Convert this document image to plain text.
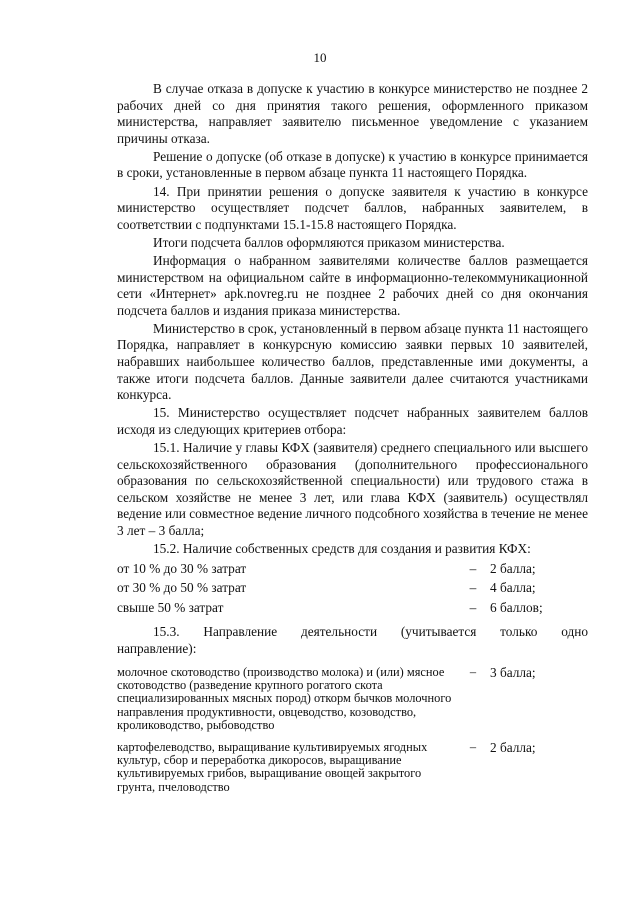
10

В случае отказа в допуске к участию в конкурсе министерство не позднее 2 рабочих дней со дня принятия такого решения, оформленного приказом министерства, направляет заявителю письменное уведомление с указанием причины отказа.

Решение о допуске (об отказе в допуске) к участию в конкурсе принимается в сроки, установленные в первом абзаце пункта 11 настоящего Порядка.

14. При принятии решения о допуске заявителя к участию в конкурсе министерство осуществляет подсчет баллов, набранных заявителем, в соответствии с подпунктами 15.1-15.8 настоящего Порядка.

Итоги подсчета баллов оформляются приказом министерства.

Информация о набранном заявителями количестве баллов размещается министерством на официальном сайте в информационно-телекоммуникационной сети «Интернет» apk.novreg.ru не позднее 2 рабочих дней со дня окончания подсчета баллов и издания приказа министерства.

Министерство в срок, установленный в первом абзаце пункта 11 настоящего Порядка, направляет в конкурсную комиссию заявки первых 10 заявителей, набравших наибольшее количество баллов, представленные ими документы, а также итоги подсчета баллов. Данные заявители далее считаются участниками конкурса.

15. Министерство осуществляет подсчет набранных заявителем баллов исходя из следующих критериев отбора:

15.1. Наличие у главы КФХ (заявителя) среднего специального или высшего сельскохозяйственного образования (дополнительного профессионального образования по сельскохозяйственной специальности) или трудового стажа в сельском хозяйстве не менее 3 лет, или глава КФХ (заявитель) осуществлял ведение или совместное ведение личного подсобного хозяйства в течение не менее 3 лет – 3 балла;

15.2. Наличие собственных средств для создания и развития КФХ:

от 10 % до 30 % затрат	–	2 балла;
от 30 % до 50 % затрат	–	4 балла;
свыше 50 % затрат	–	6 баллов;
15.3. Направление деятельности (учитывается только одно
направление):
молочное скотоводство (производство молока) и (или) мясное скотоводство (разведение крупного рогатого скота специализированных мясных пород) откорм бычков молочного направления продуктивности, овцеводство, козоводство, кролиководство, рыбоводство
–	3 балла;
картофелеводство, выращивание культивируемых ягодных культур, сбор и переработка дикоросов, выращивание культивируемых грибов, выращивание овощей закрытого грунта, пчеловодство
–	2 балла;
